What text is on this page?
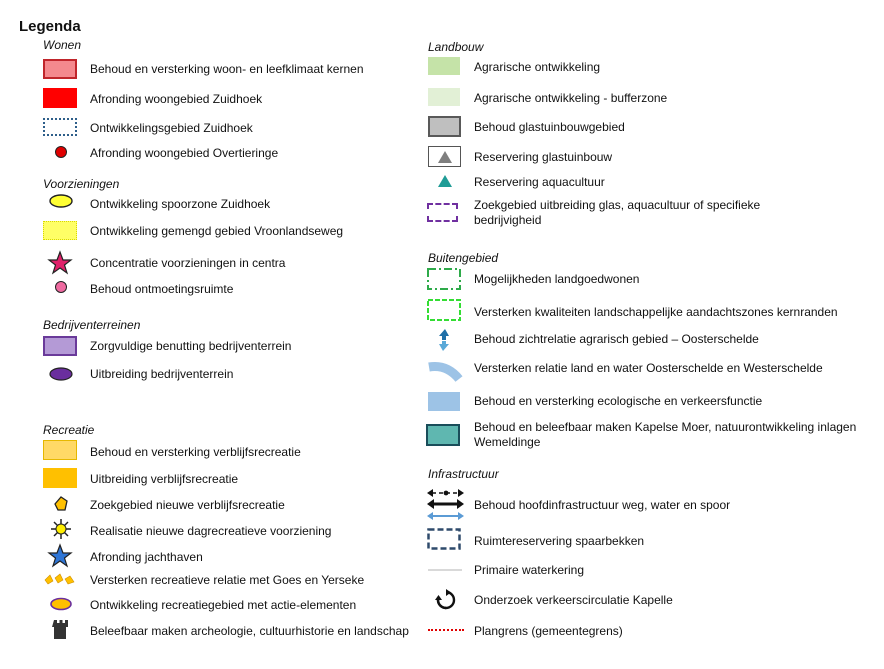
Legenda
Wonen
Behoud en versterking woon- en leefklimaat kernen
Afronding woongebied Zuidhoek
Ontwikkelingsgebied Zuidhoek
Afronding woongebied Overtieringe
Voorzieningen
Ontwikkeling spoorzone Zuidhoek
Ontwikkeling gemengd gebied Vroonlandseweg
Concentratie voorzieningen in centra
Behoud ontmoetingsruimte
Bedrijventerreinen
Zorgvuldige benutting bedrijventerrein
Uitbreiding bedrijventerrein
Recreatie
Behoud en versterking verblijfsrecreatie
Uitbreiding verblijfsrecreatie
Zoekgebied nieuwe verblijfsrecreatie
Realisatie nieuwe dagrecreatieve voorziening
Afronding jachthaven
Versterken recreatieve relatie met Goes en Yerseke
Ontwikkeling recreatiegebied met actie-elementen
Beleefbaar maken archeologie, cultuurhistorie en landschap
Landbouw
Agrarische ontwikkeling
Agrarische ontwikkeling - bufferzone
Behoud glastuinbouwgebied
Reservering glastuinbouw
Reservering aquacultuur
Zoekgebied uitbreiding glas, aquacultuur of specifieke bedrijvigheid
Buitengebied
Mogelijkheden landgoedwonen
Versterken kwaliteiten landschappelijke aandachtszones kernranden
Behoud zichtrelatie agrarisch gebied – Oosterschelde
Versterken relatie land en water Oosterschelde en Westerschelde
Behoud en versterking ecologische en verkeersfunctie
Behoud en beleefbaar maken Kapelse Moer, natuurontwikkeling inlagen Wemeldinge
Infrastructuur
Behoud hoofdinfrastructuur weg, water en spoor
Ruimtereservering spaarbekken
Primaire waterkering
Onderzoek verkeerscirculatie Kapelle
Plangrens (gemeentegrens)
